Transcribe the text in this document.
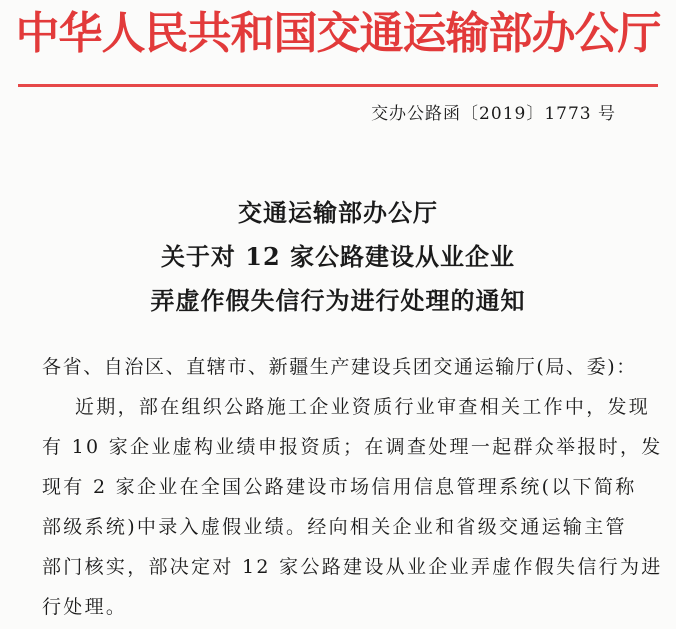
中华人民共和国交通运输部办公厅
交办公路函〔2019〕1773 号
交通运输部办公厅
关于对 12 家公路建设从业企业
弄虚作假失信行为进行处理的通知
各省、自治区、直辖市、新疆生产建设兵团交通运输厅(局、委)：
近期，部在组织公路施工企业资质行业审查相关工作中，发现
有 10 家企业虚构业绩申报资质；在调查处理一起群众举报时，发
现有 2 家企业在全国公路建设市场信用信息管理系统(以下简称
部级系统)中录入虚假业绩。经向相关企业和省级交通运输主管
部门核实，部决定对 12 家公路建设从业企业弄虚作假失信行为进
行处理。
